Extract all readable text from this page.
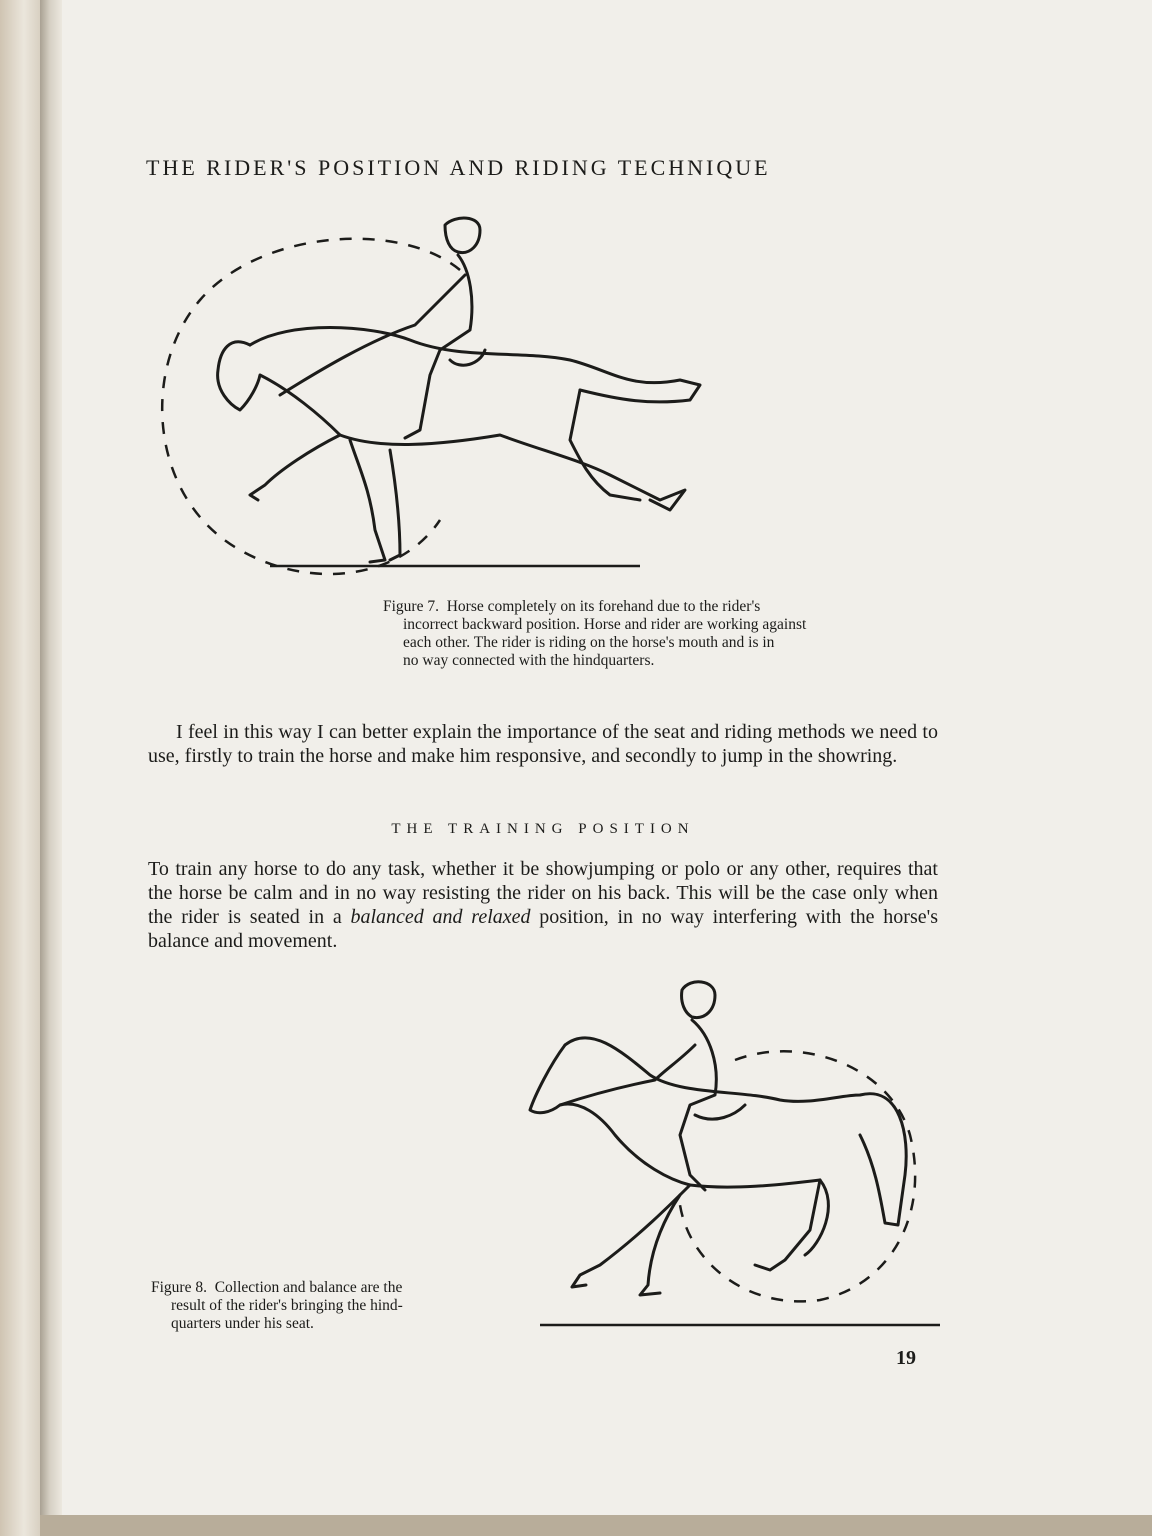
THE RIDER'S POSITION AND RIDING TECHNIQUE

Figure 7. Horse completely on its forehand due to the rider's

incorrect backward position. Horse and rider are working against

each other. The rider is riding on the horse's mouth and is in

no way connected with the hindquarters.

I feel in this way I can better explain the importance of the seat and riding methods we need to use, firstly to train the horse and make him responsive, and secondly to jump in the showring.

THE TRAINING POSITION

To train any horse to do any task, whether it be showjumping or polo or any other, requires that the horse be calm and in no way resisting the rider on his back. This will be the case only when the rider is seated in a balanced and relaxed position, in no way interfering with the horse's balance and movement.

Figure 8. Collection and balance are the

result of the rider's bringing the hind-

quarters under his seat.

19
